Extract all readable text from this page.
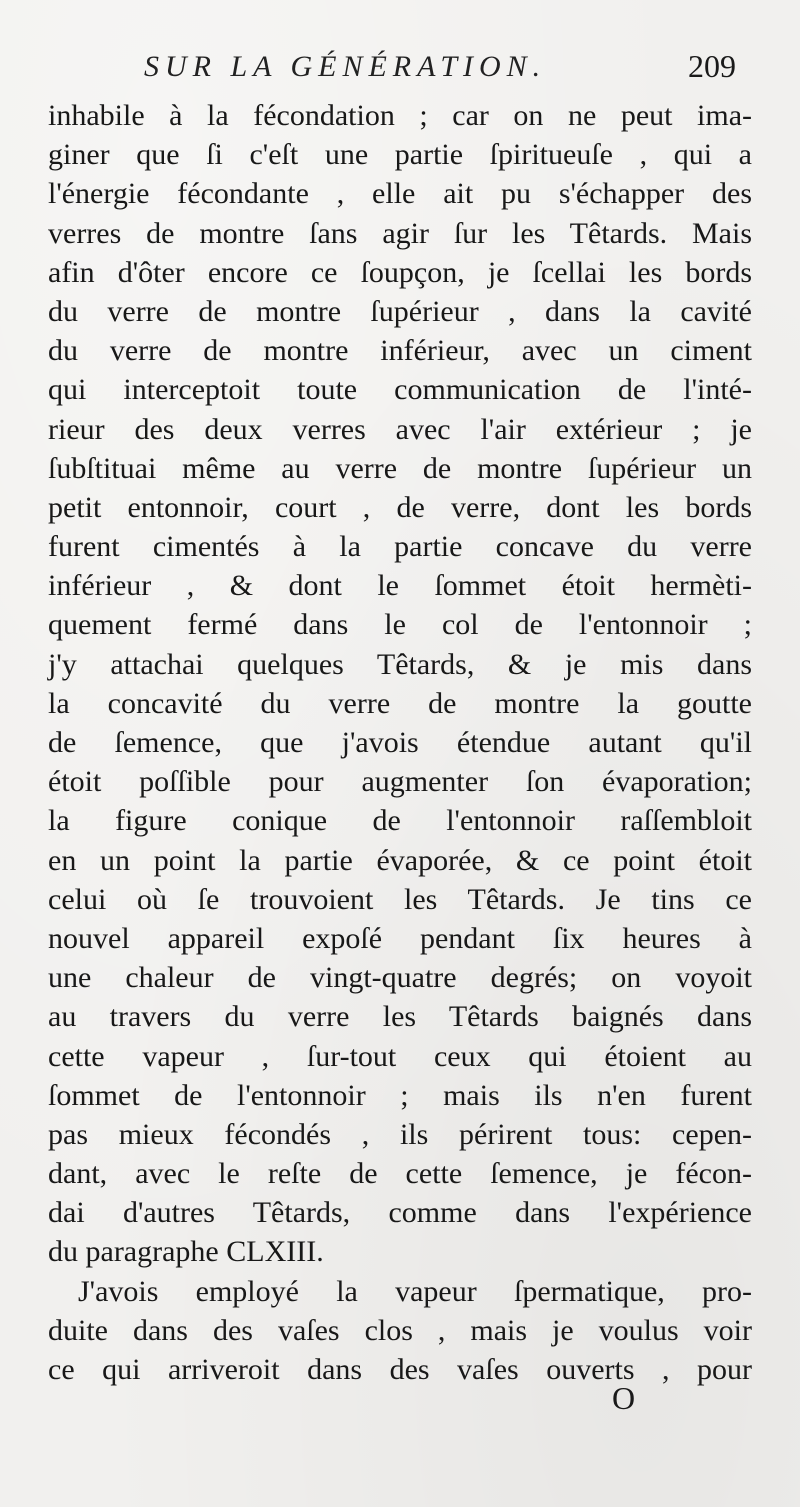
SUR LA GÉNÉRATION.	209
inhabile à la fécondation ; car on ne peut ima-
giner que ſi c'eſt une partie ſpiritueuſe , qui a
l'énergie fécondante , elle ait pu s'échapper des
verres de montre ſans agir ſur les Têtards. Mais
afin d'ôter encore ce ſoupçon, je ſcellai les bords
du verre de montre ſupérieur , dans la cavité
du verre de montre inférieur, avec un ciment
qui interceptoit toute communication de l'inté-
rieur des deux verres avec l'air extérieur ; je
ſubſtituai même au verre de montre ſupérieur un
petit entonnoir, court , de verre, dont les bords
furent cimentés à la partie concave du verre
inférieur , & dont le ſommet étoit hermèti-
quement fermé dans le col de l'entonnoir ;
j'y attachai quelques Têtards, & je mis dans
la concavité du verre de montre la goutte
de ſemence, que j'avois étendue autant qu'il
étoit poſſible pour augmenter ſon évaporation;
la figure conique de l'entonnoir raſſembloit
en un point la partie évaporée, & ce point étoit
celui où ſe trouvoient les Têtards. Je tins ce
nouvel appareil expoſé pendant ſix heures à
une chaleur de vingt-quatre degrés; on voyoit
au travers du verre les Têtards baignés dans
cette vapeur , ſur-tout ceux qui étoient au
ſommet de l'entonnoir ; mais ils n'en furent
pas mieux fécondés , ils périrent tous: cepen-
dant, avec le reſte de cette ſemence, je fécon-
dai d'autres Têtards, comme dans l'expérience
du paragraphe CLXIII.
J'avois employé la vapeur ſpermatique, pro-
duite dans des vaſes clos , mais je voulus voir
ce qui arriveroit dans des vaſes ouverts , pour
O
